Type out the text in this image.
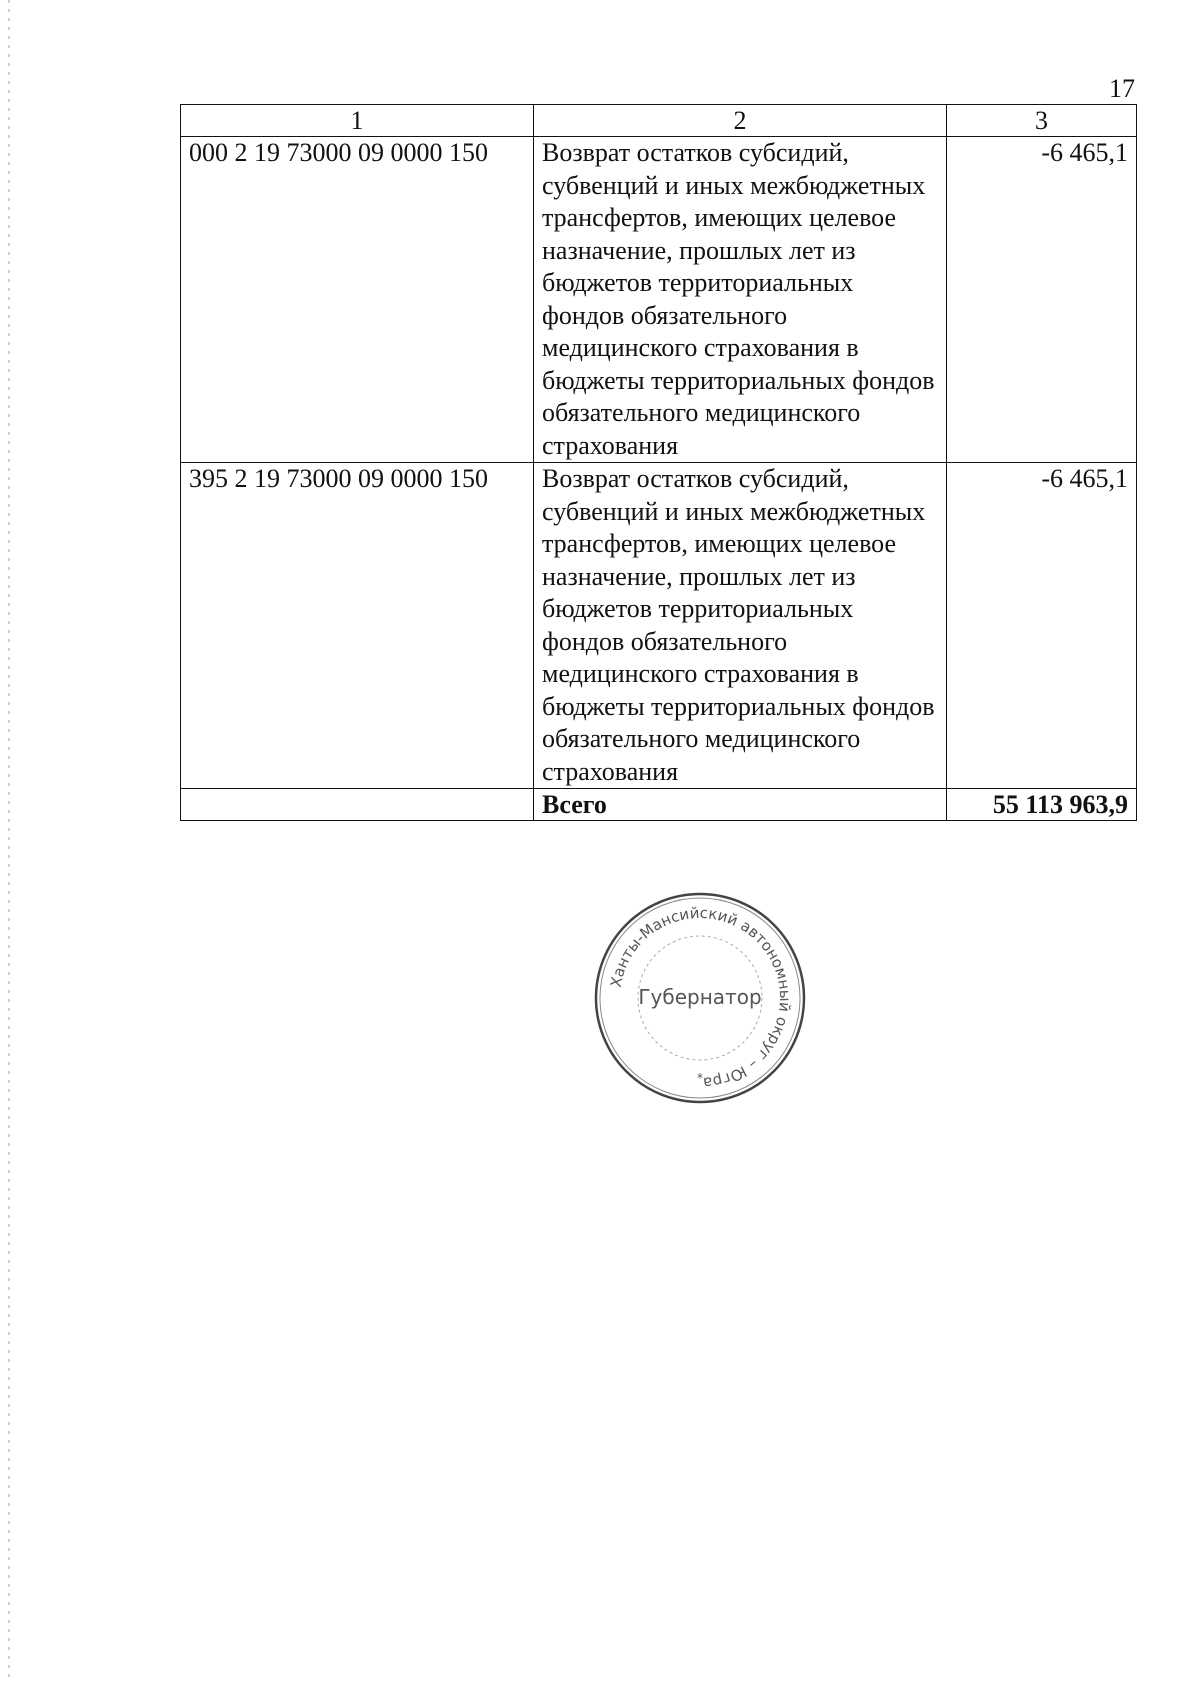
17
1	2	3
000 2 19 73000 09 0000 150	Возврат остатков субсидий, субвенций и иных межбюджетных трансфертов, имеющих целевое назначение, прошлых лет из бюджетов территориальных фондов обязательного медицинского страхования в бюджеты территориальных фондов обязательного медицинского страхования	-6 465,1
395 2 19 73000 09 0000 150	Возврат остатков субсидий, субвенций и иных межбюджетных трансфертов, имеющих целевое назначение, прошлых лет из бюджетов территориальных фондов обязательного медицинского страхования в бюджеты территориальных фондов обязательного медицинского страхования	-6 465,1
	Всего	55 113 963,9
Ханты-Мансийский автономный округ – Югра
Губернатор
*
